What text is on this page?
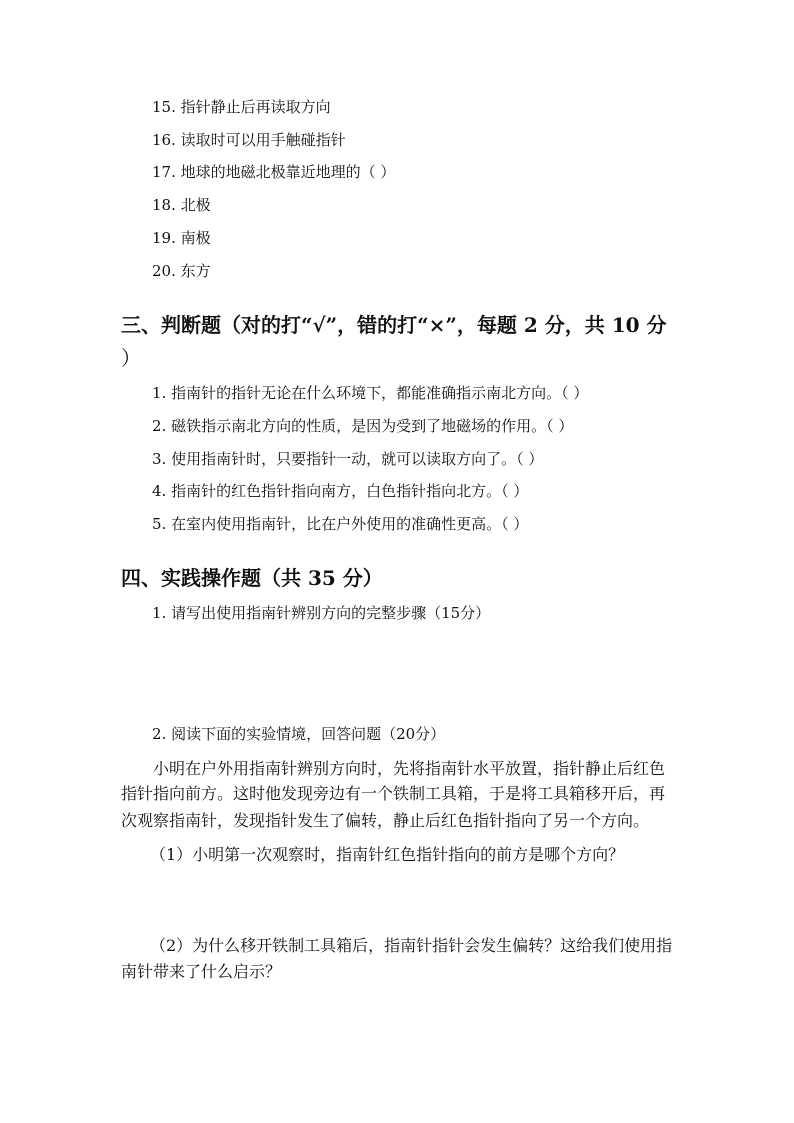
15. 指针静止后再读取方向
16. 读取时可以用手触碰指针
17. 地球的地磁北极靠近地理的（ ）
18. 北极
19. 南极
20. 东方
三、判断题（对的打“√”，错的打“×”，每题 2 分，共 10 分
）
1. 指南针的指针无论在什么环境下，都能准确指示南北方向。（ ）
2. 磁铁指示南北方向的性质，是因为受到了地磁场的作用。（ ）
3. 使用指南针时，只要指针一动，就可以读取方向了。（ ）
4. 指南针的红色指针指向南方，白色指针指向北方。（ ）
5. 在室内使用指南针，比在户外使用的准确性更高。（ ）
四、实践操作题（共 35 分）
1. 请写出使用指南针辨别方向的完整步骤（15分）
2. 阅读下面的实验情境，回答问题（20分）
小明在户外用指南针辨别方向时，先将指南针水平放置，指针静止后红色
指针指向前方。这时他发现旁边有一个铁制工具箱，于是将工具箱移开后，再
次观察指南针，发现指针发生了偏转，静止后红色指针指向了另一个方向。
（1）小明第一次观察时，指南针红色指针指向的前方是哪个方向？
（2）为什么移开铁制工具箱后，指南针指针会发生偏转？这给我们使用指
南针带来了什么启示？
